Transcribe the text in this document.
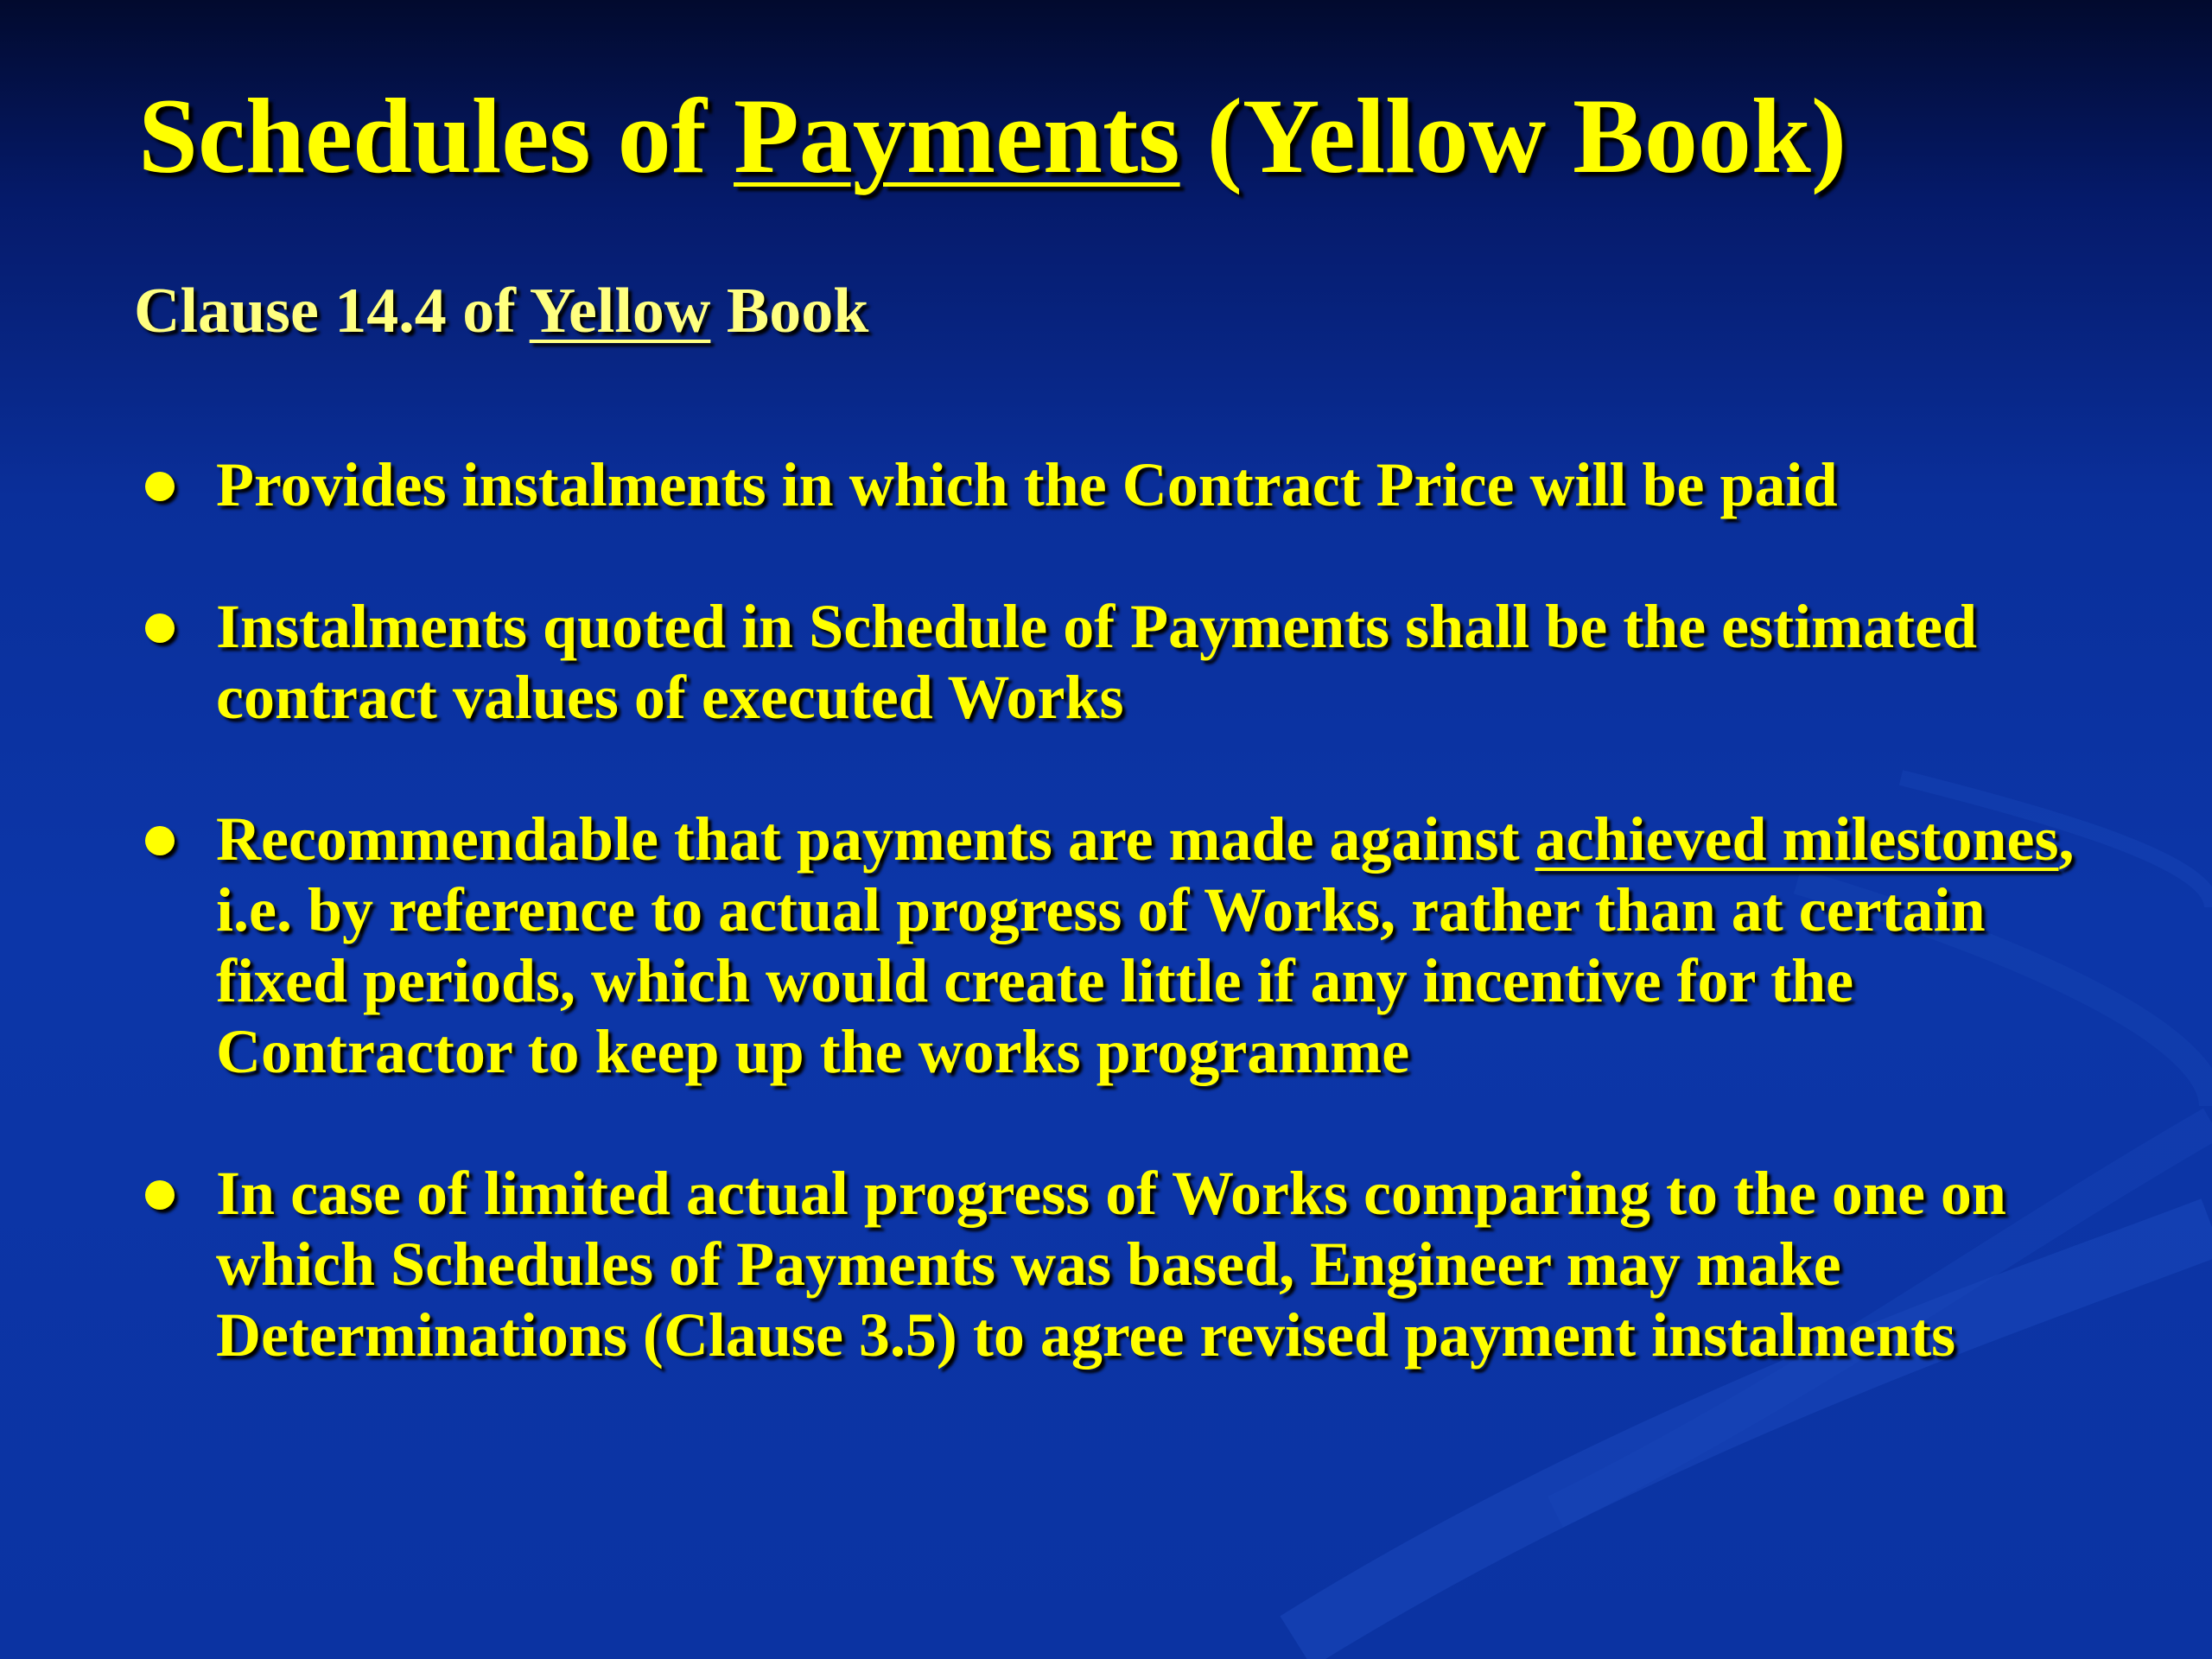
Schedules of Payments (Yellow Book)
Clause 14.4 of Yellow Book
Provides instalments in which the Contract Price will be paid
Instalments quoted in Schedule of Payments shall be the estimated contract values of executed Works
Recommendable that payments are made against achieved milestones, i.e. by reference to actual progress of Works, rather than at certain fixed periods, which would create little if any incentive for the Contractor to keep up the works programme
In case of limited actual progress of Works comparing to the one on which Schedules of Payments was based, Engineer may make Determinations (Clause 3.5) to agree revised payment instalments
